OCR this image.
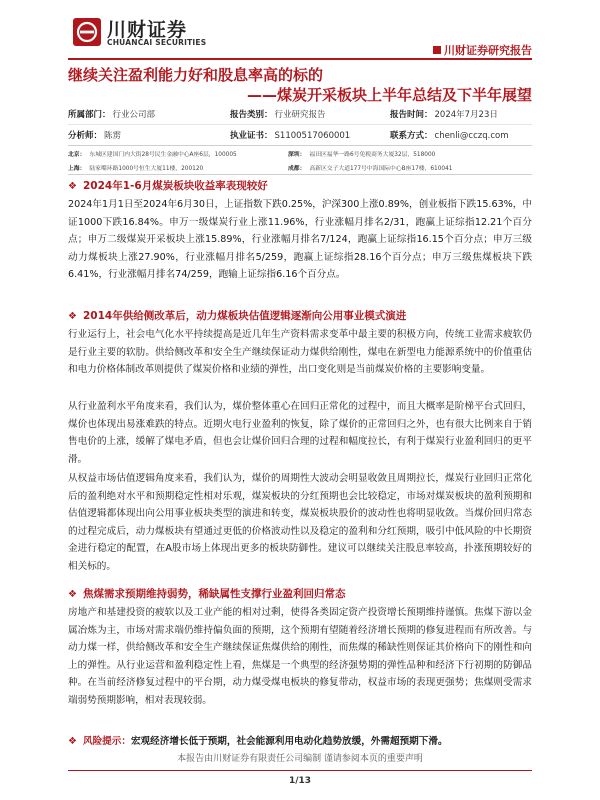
川财证券
CHUANCAI SECURITIES
川财证券研究报告
继续关注盈利能力好和股息率高的标的
——煤炭开采板块上半年总结及下半年展望
所属部门： 行业公司部	报告类别： 行业研究报告	报告时间： 2024年7月23日
分析师： 陈雳	执业证书： S1100517060001	联系方式： chenli@cczq.com
北京： 东城区建国门内大街28号民生金融中心A座6层，100005	深圳： 福田区福华一路6号免税商务大厦32层，518000
上海： 陆家嘴环路1000号恒生大厦11楼，200120	成都： 高新区交子大道177号中海国际中心B座17楼，610041
❖ 2024年1-6月煤炭板块收益率表现较好
2024年1月1日至2024年6月30日，上证指数下跌0.25%，沪深300上涨0.89%，创业板指下跌15.63%，中证1000下跌16.84%。申万一级煤炭行业上涨11.96%，行业涨幅月排名2/31，跑赢上证综指12.21个百分点；申万二级煤炭开采板块上涨15.89%，行业涨幅月排名7/124，跑赢上证综指16.15个百分点；申万三级动力煤板块上涨27.90%，行业涨幅月排名5/259，跑赢上证综指28.16个百分点；申万三级焦煤板块下跌6.41%，行业涨幅月排名74/259，跑输上证综指6.16个百分点。
❖ 2014年供给侧改革后，动力煤板块估值逻辑逐渐向公用事业模式演进
行业运行上，社会电气化水平持续提高是近几年生产资料需求变革中最主要的积极方向，传统工业需求疲软仍是行业主要的软肋。供给侧改革和安全生产继续保证动力煤供给刚性，煤电在新型电力能源系统中的价值重估和电力价格体制改革则提供了煤炭价格和业绩的弹性，出口变化则是当前煤炭价格的主要影响变量。
从行业盈利水平角度来看，我们认为，煤价整体重心在回归正常化的过程中，而且大概率是阶梯平台式回归，煤价也体现出易涨难跌的特点。近期火电行业盈利的恢复，除了煤价的正常回归之外，也有很大比例来自于销售电价的上涨，缓解了煤电矛盾，但也会让煤价回归合理的过程和幅度拉长，有利于煤炭行业盈利回归的更平滑。
从权益市场估值逻辑角度来看，我们认为，煤价的周期性大波动会明显收敛且周期拉长，煤炭行业回归正常化后的盈利绝对水平和预期稳定性相对乐观，煤炭板块的分红预期也会比较稳定，市场对煤炭板块的盈利预期和估值逻辑都体现出向公用事业板块类型的演进和转变，煤炭板块股价的波动性也将明显收敛。当煤价回归常态的过程完成后，动力煤板块有望通过更低的价格波动性以及稳定的盈利和分红预期，吸引中低风险的中长期资金进行稳定的配置，在A股市场上体现出更多的板块防御性。建议可以继续关注股息率较高，扑涨预期较好的相关标的。
❖ 焦煤需求预期维持弱势，稀缺属性支撑行业盈利回归常态
房地产和基建投资的疲软以及工业产能的相对过剩，使得各类固定资产投资增长预期维持谨慎。焦煤下游以金属冶炼为主，市场对需求端仍维持偏负面的预期，这个预期有望随着经济增长预期的修复进程而有所改善。与动力煤一样，供给侧改革和安全生产继续保证焦煤供给的刚性，而焦煤的稀缺性则保证其价格向下的刚性和向上的弹性。从行业运营和盈利稳定性上看，焦煤是一个典型的经济强势期的弹性品种和经济下行初期的防御品种。在当前经济修复过程中的平台期，动力煤受煤电板块的修复带动，权益市场的表现更强势；焦煤则受需求端弱势预期影响，相对表现较弱。
❖ 风险提示：宏观经济增长低于预期，社会能源利用电动化趋势放缓，外需超预期下滑。
本报告由川财证券有限责任公司编制 谨请参阅本页的重要声明
1/13
